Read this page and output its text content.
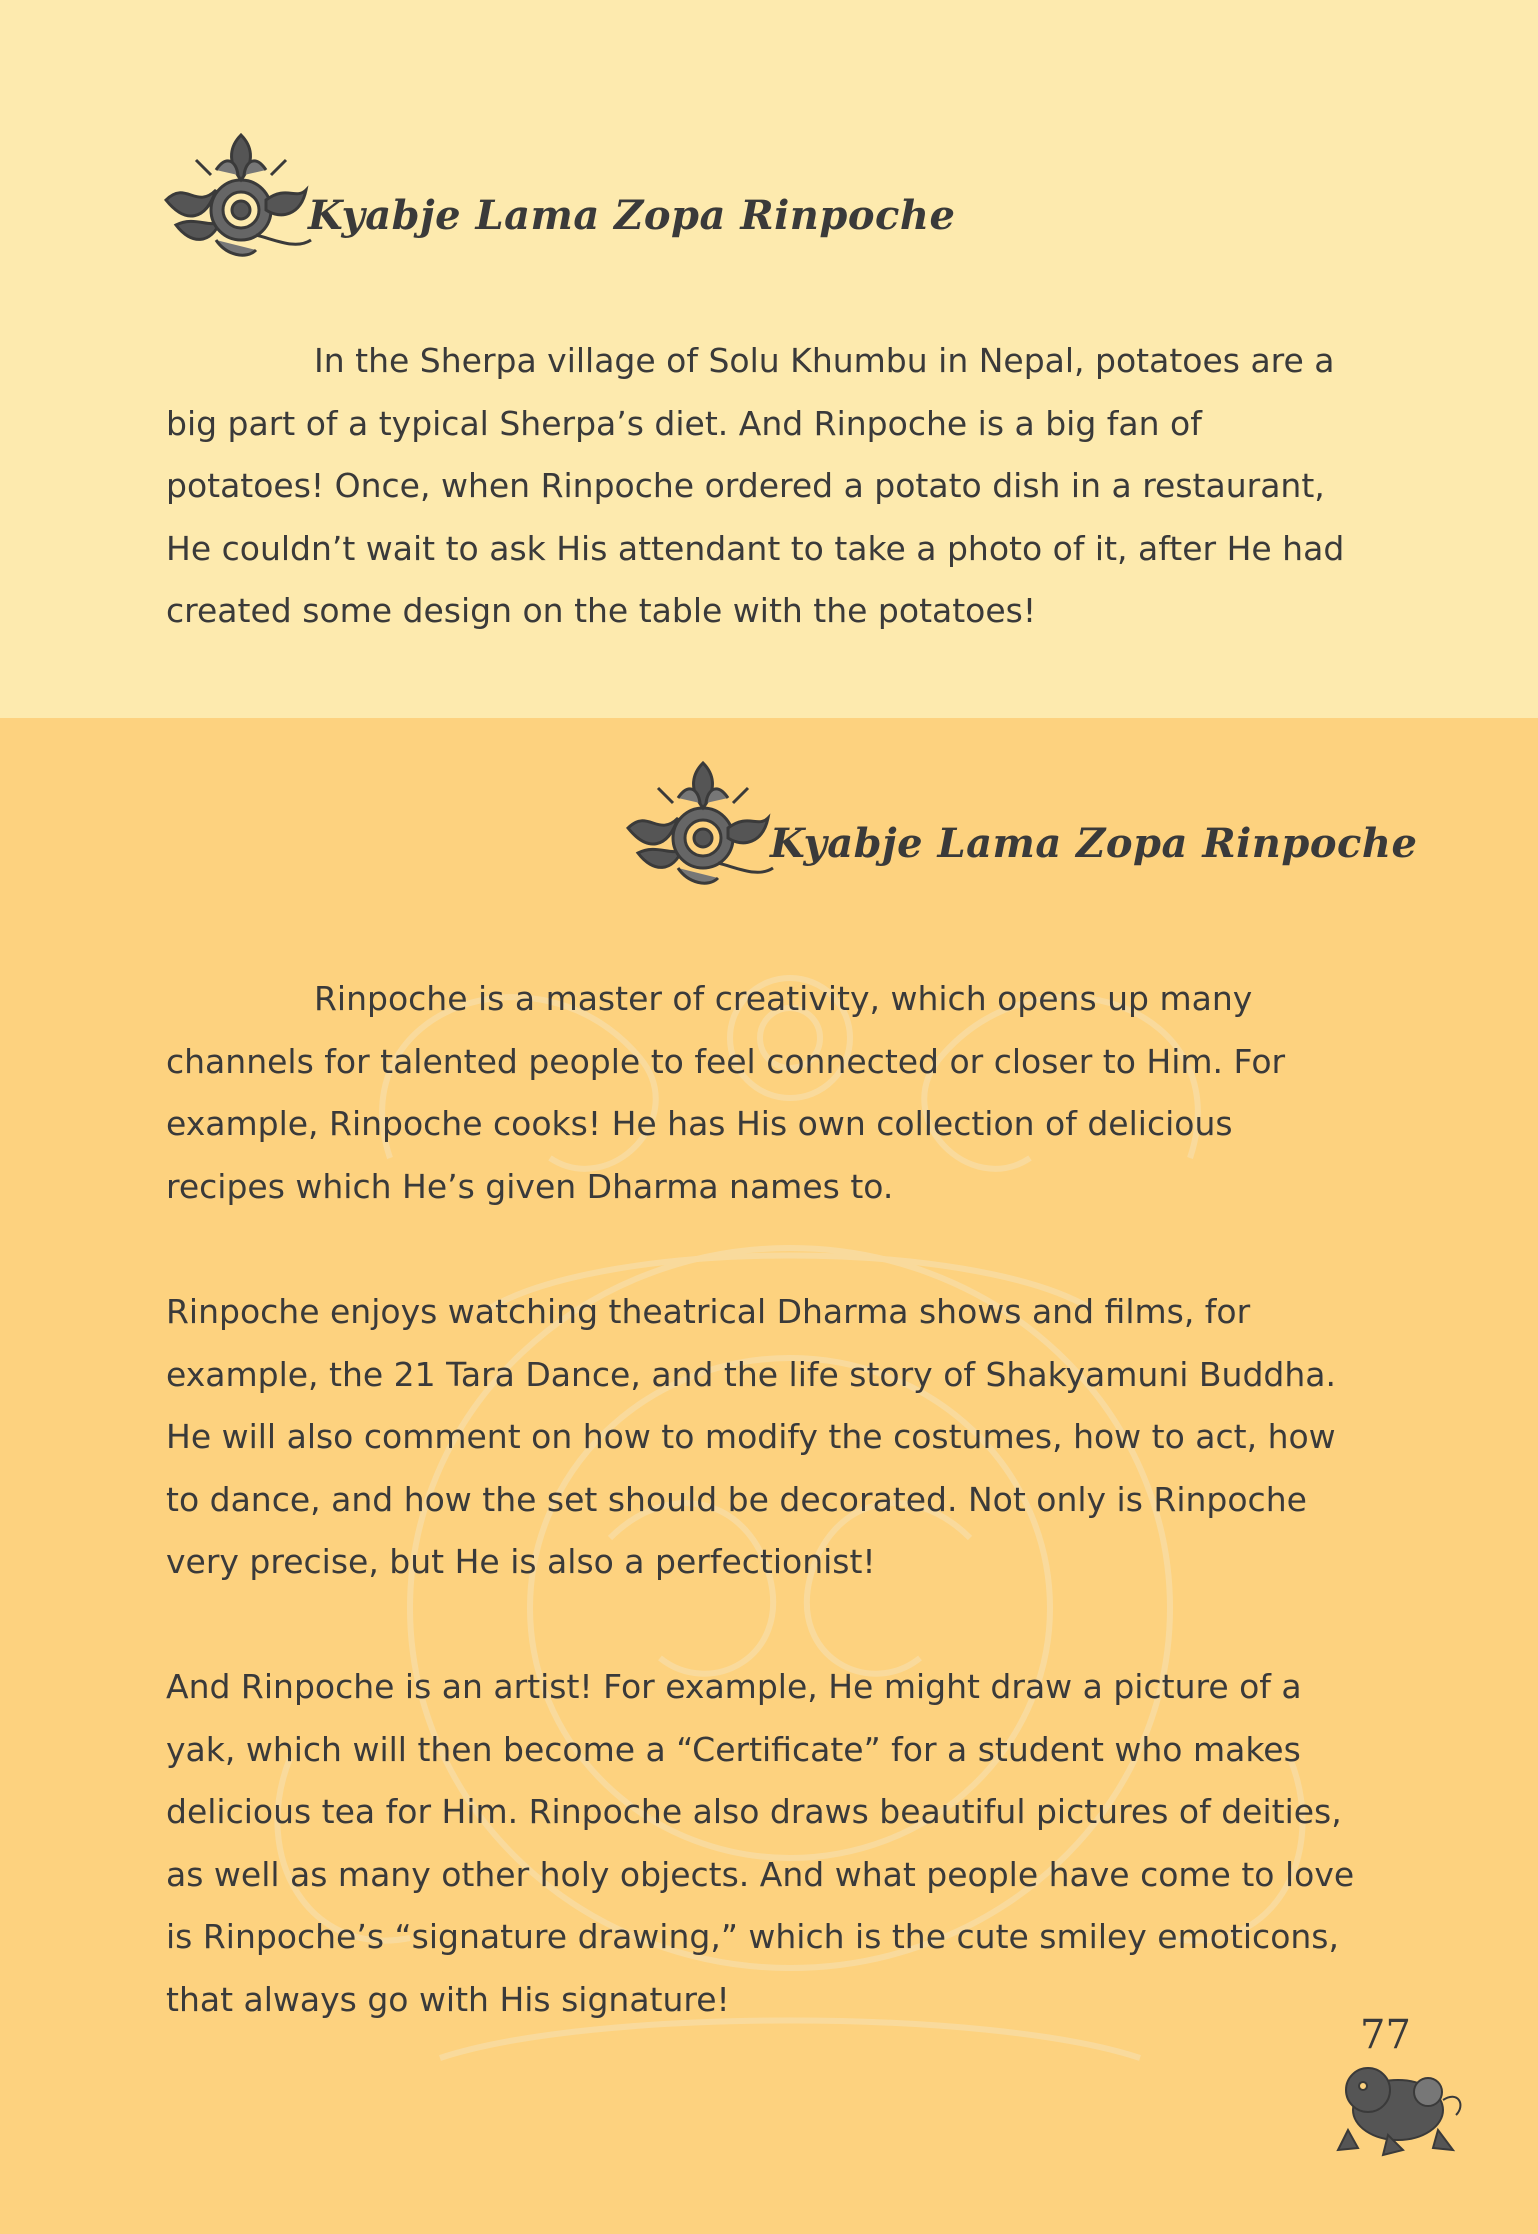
Kyabje Lama Zopa Rinpoche

In the Sherpa village of Solu Khumbu in Nepal, potatoes are a big part of a typical Sherpa’s diet. And Rinpoche is a big fan of potatoes! Once, when Rinpoche ordered a potato dish in a restaurant, He couldn’t wait to ask His attendant to take a photo of it, after He had created some design on the table with the potatoes!

Kyabje Lama Zopa Rinpoche

Rinpoche is a master of creativity, which opens up many channels for talented people to feel connected or closer to Him. For example, Rinpoche cooks! He has His own collection of delicious recipes which He’s given Dharma names to.

Rinpoche enjoys watching theatrical Dharma shows and films, for example, the 21 Tara Dance, and the life story of Shakyamuni Buddha. He will also comment on how to modify the costumes, how to act, how to dance, and how the set should be decorated. Not only is Rinpoche very precise, but He is also a perfectionist!

And Rinpoche is an artist! For example, He might draw a picture of a yak, which will then become a “Certificate” for a student who makes delicious tea for Him. Rinpoche also draws beautiful pictures of deities, as well as many other holy objects. And what people have come to love is Rinpoche’s “signature drawing,” which is the cute smiley emoticons, that always go with His signature!

77
